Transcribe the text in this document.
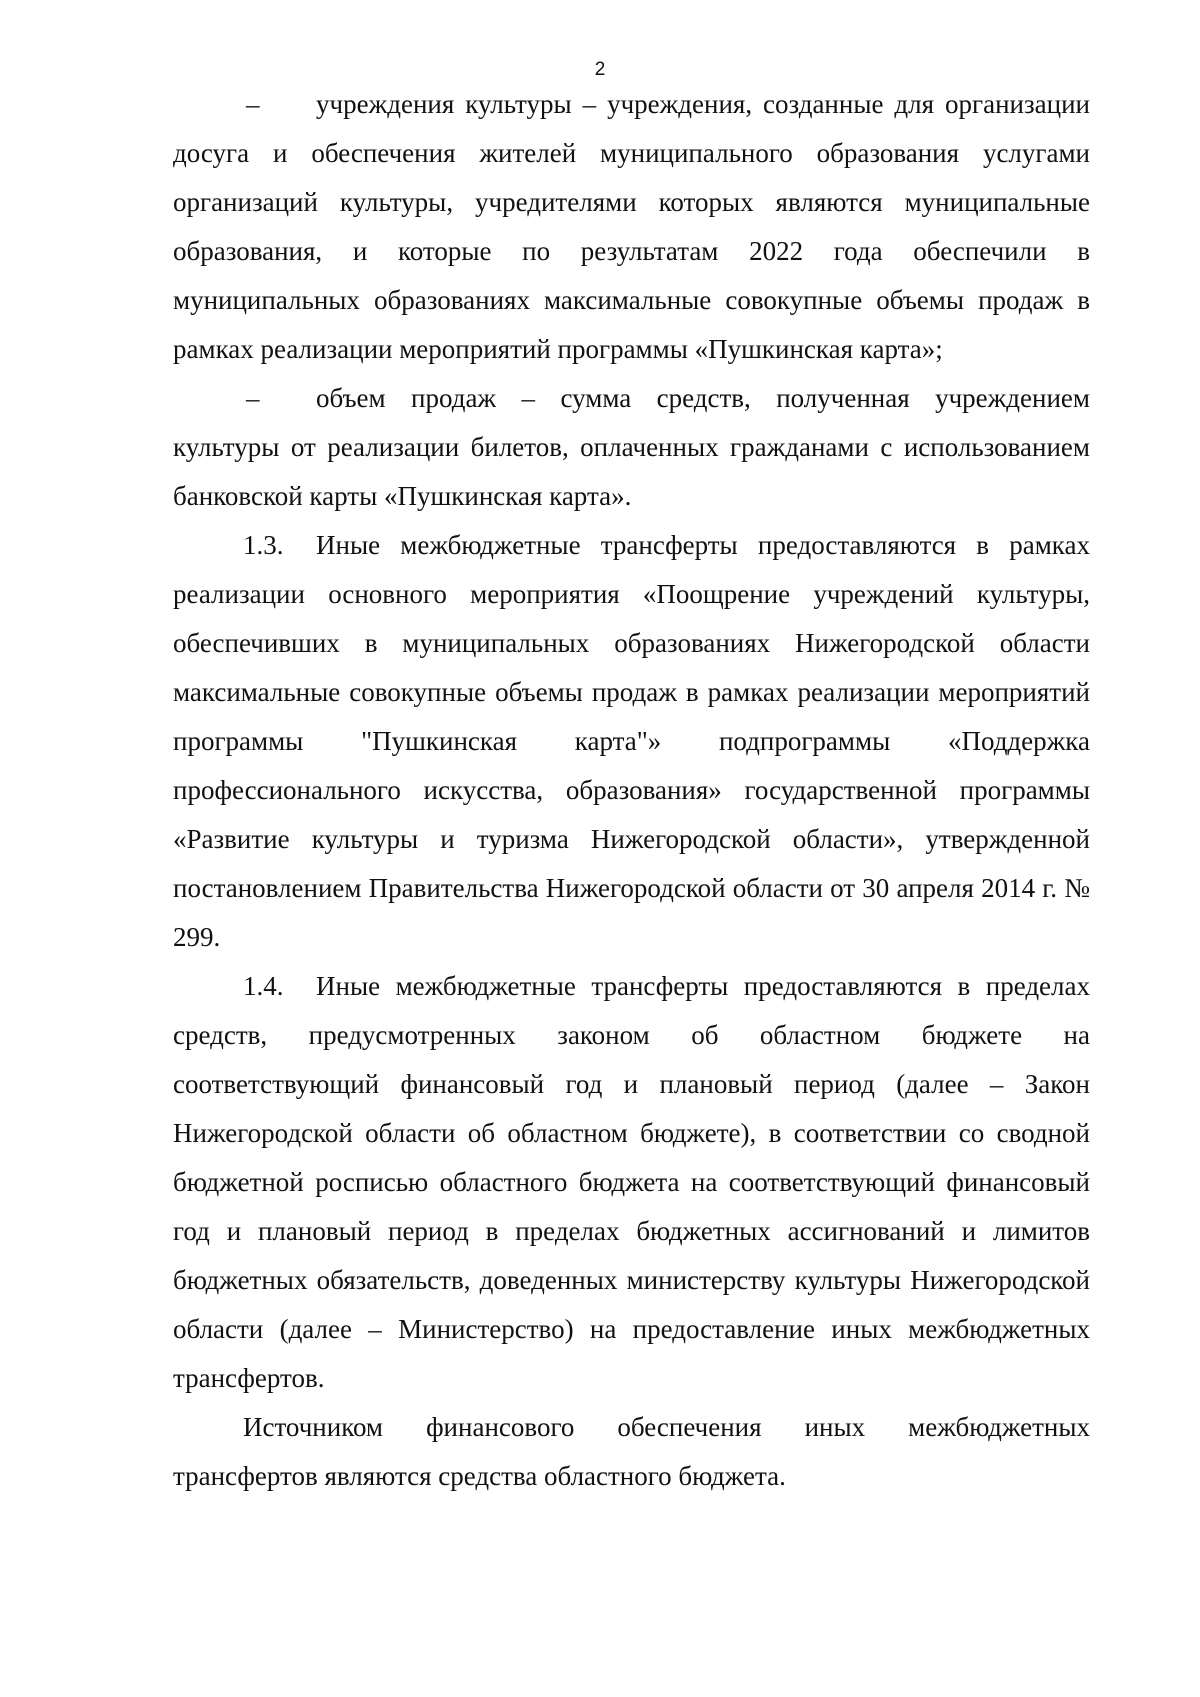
2

– учреждения культуры – учреждения, созданные для организации досуга и обеспечения жителей муниципального образования услугами организаций культуры, учредителями которых являются муниципальные образования, и которые по результатам 2022 года обеспечили в муниципальных образованиях максимальные совокупные объемы продаж в рамках реализации мероприятий программы «Пушкинская карта»;

– объем продаж – сумма средств, полученная учреждением культуры от реализации билетов, оплаченных гражданами с использованием банковской карты «Пушкинская карта».

1.3. Иные межбюджетные трансферты предоставляются в рамках реализации основного мероприятия «Поощрение учреждений культуры, обеспечивших в муниципальных образованиях Нижегородской области максимальные совокупные объемы продаж в рамках реализации мероприятий программы "Пушкинская карта"» подпрограммы «Поддержка профессионального искусства, образования» государственной программы «Развитие культуры и туризма Нижегородской области», утвержденной постановлением Правительства Нижегородской области от 30 апреля 2014 г. № 299.

1.4. Иные межбюджетные трансферты предоставляются в пределах средств, предусмотренных законом об областном бюджете на соответствующий финансовый год и плановый период (далее – Закон Нижегородской области об областном бюджете), в соответствии со сводной бюджетной росписью областного бюджета на соответствующий финансовый год и плановый период в пределах бюджетных ассигнований и лимитов бюджетных обязательств, доведенных министерству культуры Нижегородской области (далее – Министерство) на предоставление иных межбюджетных трансфертов.

Источником финансового обеспечения иных межбюджетных трансфертов являются средства областного бюджета.
